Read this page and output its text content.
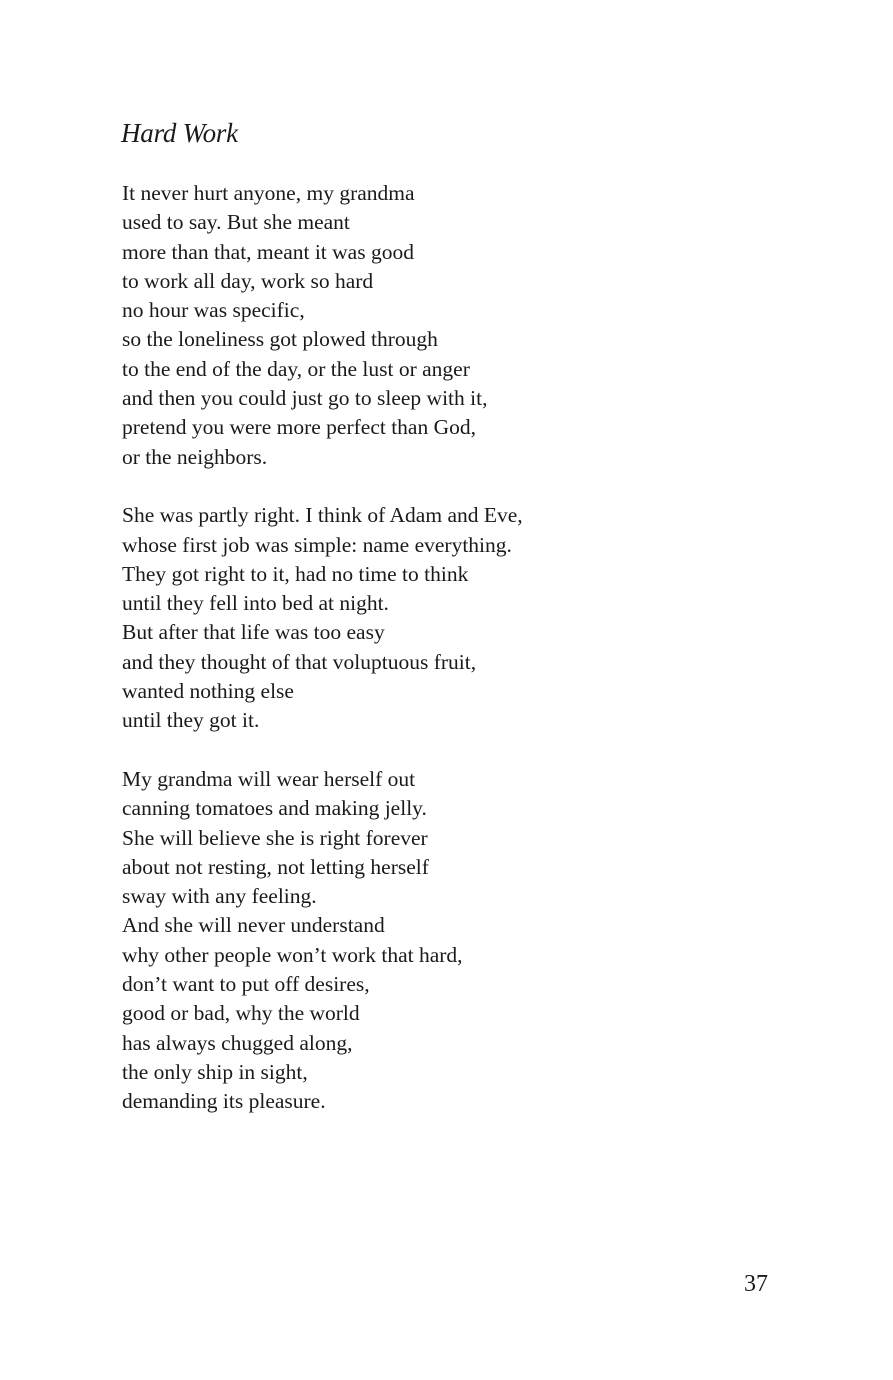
Hard Work
It never hurt anyone, my grandma
used to say. But she meant
more than that, meant it was good
to work all day, work so hard
no hour was specific,
so the loneliness got plowed through
to the end of the day, or the lust or anger
and then you could just go to sleep with it,
pretend you were more perfect than God,
or the neighbors.
She was partly right. I think of Adam and Eve,
whose first job was simple: name everything.
They got right to it, had no time to think
until they fell into bed at night.
But after that life was too easy
and they thought of that voluptuous fruit,
wanted nothing else
until they got it.
My grandma will wear herself out
canning tomatoes and making jelly.
She will believe she is right forever
about not resting, not letting herself
sway with any feeling.
And she will never understand
why other people won’t work that hard,
don’t want to put off desires,
good or bad, why the world
has always chugged along,
the only ship in sight,
demanding its pleasure.
37
